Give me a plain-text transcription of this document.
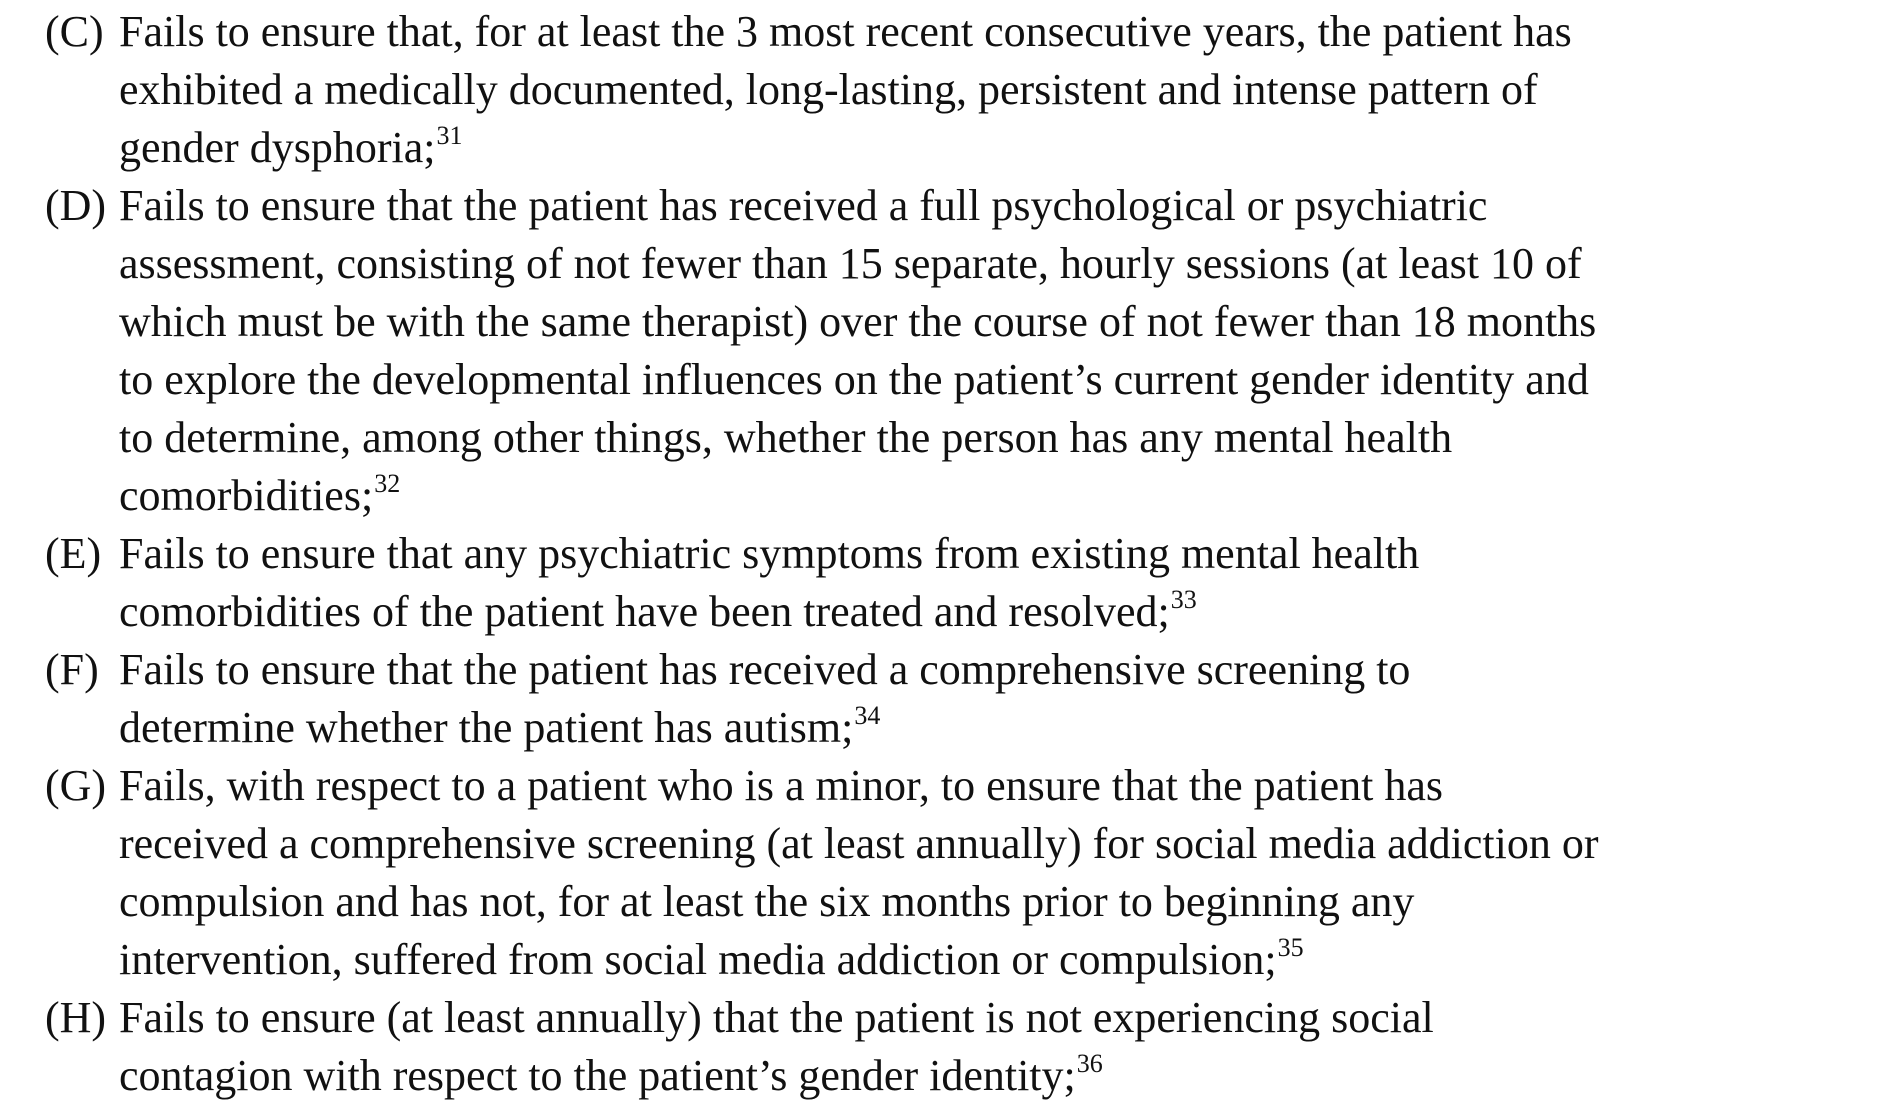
(C) Fails to ensure that, for at least the 3 most recent consecutive years, the patient has
exhibited a medically documented, long-lasting, persistent and intense pattern of
gender dysphoria;$^{31}$
(D) Fails to ensure that the patient has received a full psychological or psychiatric
assessment, consisting of not fewer than 15 separate, hourly sessions (at least 10 of
which must be with the same therapist) over the course of not fewer than 18 months
to explore the developmental influences on the patient’s current gender identity and
to determine, among other things, whether the person has any mental health
comorbidities;$^{32}$
(E) Fails to ensure that any psychiatric symptoms from existing mental health
comorbidities of the patient have been treated and resolved;$^{33}$
(F) Fails to ensure that the patient has received a comprehensive screening to
determine whether the patient has autism;$^{34}$
(G) Fails, with respect to a patient who is a minor, to ensure that the patient has
received a comprehensive screening (at least annually) for social media addiction or
compulsion and has not, for at least the six months prior to beginning any
intervention, suffered from social media addiction or compulsion;$^{35}$
(H) Fails to ensure (at least annually) that the patient is not experiencing social
contagion with respect to the patient’s gender identity;$^{36}$
